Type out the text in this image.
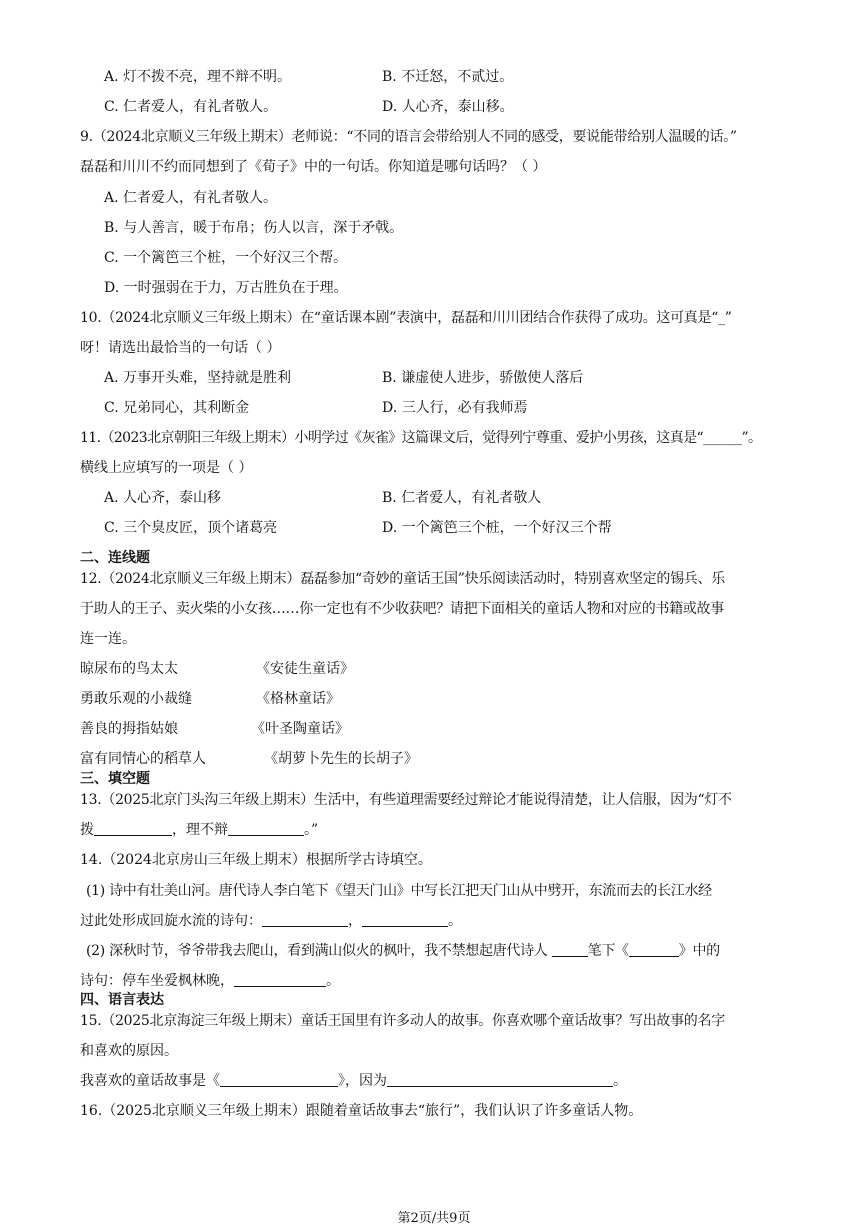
A. 灯不拨不亮，理不辩不明。	B. 不迁怒，不贰过。
C. 仁者爱人，有礼者敬人。	D. 人心齐，泰山移。
9.（2024北京顺义三年级上期末）老师说：“不同的语言会带给别人不同的感受，要说能带给别人温暖的话。”
磊磊和川川不约而同想到了《荀子》中的一句话。你知道是哪句话吗？（ ）
A. 仁者爱人，有礼者敬人。
B. 与人善言，暖于布帛；伤人以言，深于矛戟。
C. 一个篱笆三个桩，一个好汉三个帮。
D. 一时强弱在于力，万古胜负在于理。
10.（2024北京顺义三年级上期末）在“童话课本剧”表演中，磊磊和川川团结合作获得了成功。这可真是“_”
呀！请选出最恰当的一句话（ ）
A. 万事开头难，坚持就是胜利	B. 谦虚使人进步，骄傲使人落后
C. 兄弟同心，其利断金	D. 三人行，必有我师焉
11.（2023北京朝阳三年级上期末）小明学过《灰雀》这篇课文后，觉得列宁尊重、爱护小男孩，这真是“______”。
横线上应填写的一项是（ ）
A. 人心齐，泰山移	B. 仁者爱人，有礼者敬人
C. 三个臭皮匠，顶个诸葛亮	D. 一个篱笆三个桩，一个好汉三个帮
二、连线题
12.（2024北京顺义三年级上期末）磊磊参加“奇妙的童话王国”快乐阅读活动时，特别喜欢坚定的锡兵、乐
于助人的王子、卖火柴的小女孩……你一定也有不少收获吧？请把下面相关的童话人物和对应的书籍或故事
连一连。
晾尿布的鸟太太	《安徒生童话》
勇敢乐观的小裁缝	《格林童话》
善良的拇指姑娘	《叶圣陶童话》
富有同情心的稻草人	《胡萝卜先生的长胡子》
三、填空题
13.（2025北京门头沟三年级上期末）生活中，有些道理需要经过辩论才能说得清楚，让人信服，因为“灯不
拨	，理不辩	。”
14.（2024北京房山三年级上期末）根据所学古诗填空。
(1) 诗中有壮美山河。唐代诗人李白笔下《望天门山》中写长江把天门山从中劈开，东流而去的长江水经
过此处形成回旋水流的诗句：	，	。
(2) 深秋时节，爷爷带我去爬山，看到满山似火的枫叶，我不禁想起唐代诗人	笔下《	》中的
诗句：停车坐爱枫林晚，	。
四、语言表达
15.（2025北京海淀三年级上期末）童话王国里有许多动人的故事。你喜欢哪个童话故事？写出故事的名字
和喜欢的原因。
我喜欢的童话故事是《	》，因为	。
16.（2025北京顺义三年级上期末）跟随着童话故事去“旅行”，我们认识了许多童话人物。
第2页/共9页
